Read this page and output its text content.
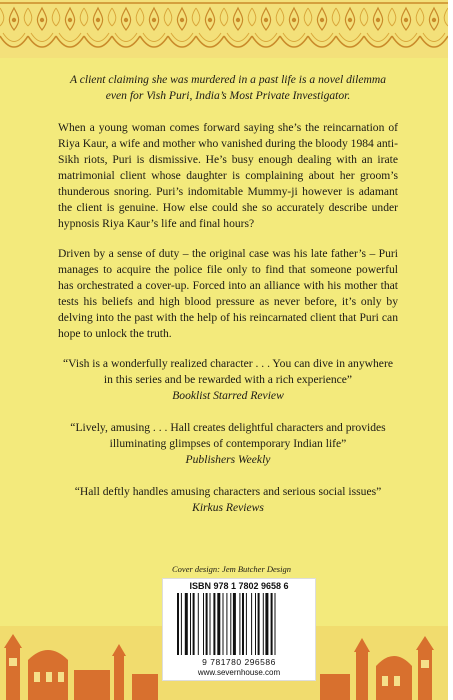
A client claiming she was murdered in a past life is a novel dilemma even for Vish Puri, India’s Most Private Investigator.

When a young woman comes forward saying she’s the reincarnation of Riya Kaur, a wife and mother who vanished during the bloody 1984 anti-Sikh riots, Puri is dismissive. He’s busy enough dealing with an irate matrimonial client whose daughter is complaining about her groom’s thunderous snoring. Puri’s indomitable Mummy-ji however is adamant the client is genuine. How else could she so accurately describe under hypnosis Riya Kaur’s life and final hours?

Driven by a sense of duty – the original case was his late father’s – Puri manages to acquire the police file only to find that someone powerful has orchestrated a cover-up. Forced into an alliance with his mother that tests his beliefs and high blood pressure as never before, it’s only by delving into the past with the help of his reincarnated client that Puri can hope to unlock the truth.

“Vish is a wonderfully realized character . . . You can dive in anywhere in this series and be rewarded with a rich experience”
Booklist Starred Review
“Lively, amusing . . . Hall creates delightful characters and provides illuminating glimpses of contemporary Indian life”
Publishers Weekly
“Hall deftly handles amusing characters and serious social issues”
Kirkus Reviews
Cover design: Jem Butcher Design
ISBN 978 1 7802 9658 6
9 781780 296586
www.severnhouse.com
